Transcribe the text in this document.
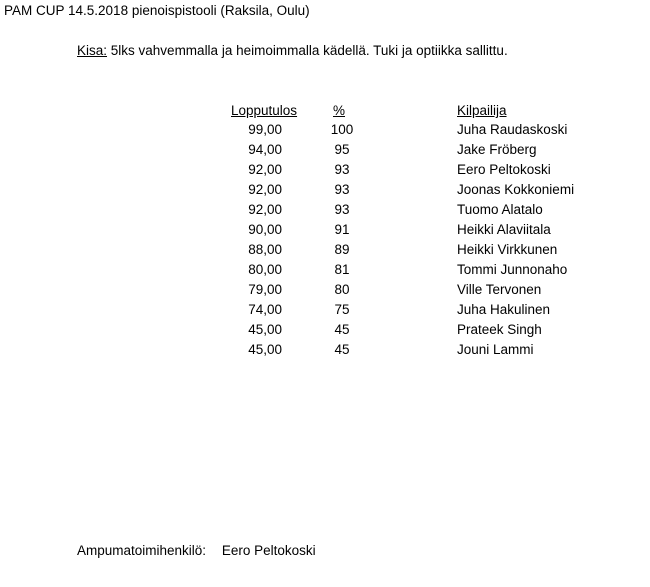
PAM CUP 14.5.2018 pienoispistooli (Raksila, Oulu)
Kisa: 5lks vahvemmalla ja heimoimmalla kädellä. Tuki ja optiikka sallittu.
Lopputulos	%	Kilpailija
99,00	100	Juha Raudaskoski
94,00	95	Jake Fröberg
92,00	93	Eero Peltokoski
92,00	93	Joonas Kokkoniemi
92,00	93	Tuomo Alatalo
90,00	91	Heikki Alaviitala
88,00	89	Heikki Virkkunen
80,00	81	Tommi Junnonaho
79,00	80	Ville Tervonen
74,00	75	Juha Hakulinen
45,00	45	Prateek Singh
45,00	45	Jouni Lammi
Ampumatoimihenkilö: Eero Peltokoski
